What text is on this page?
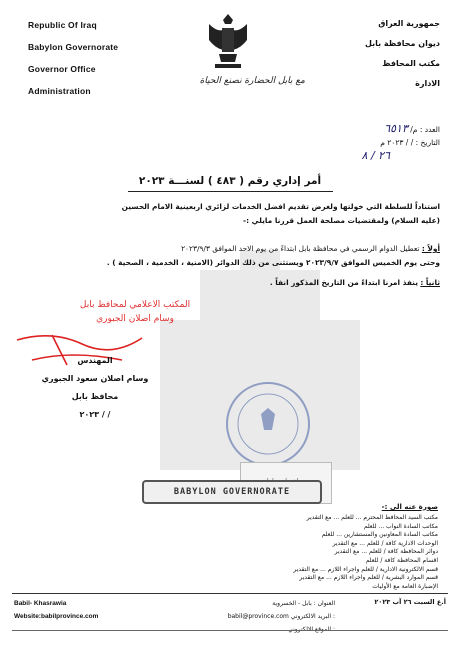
Republic Of Iraq
Babylon Governorate
Governor Office
Administration
جمهورية العراق
ديوان محافظة بابل
مكتب المحافظ
الادارة
مع بابل الحضارة نصنع الحياة
العدد : م/ ٦٥١٣
التاريخ : / / ٢٠٢٣ م
٢٦ / ٨
أمر إداري رقم ( ٤٨٣ ) لسنـــة ٢٠٢٣
استناداً للسلطة التي خولتها ولغرض تقديم افضل الخدمات لزائري اربعينية الامام الحسين
(عليه السلام) ولمقتضيات مصلحة العمل قررنا مايلي :-
أولاً : تعطيل الدوام الرسمي في محافظة بابل ابتداءً من يوم الاحد الموافق ٢٠٢٣/٩/٣
وحتى يوم الخميس الموافق ٢٠٢٣/٩/٧ ويستثنى من ذلك الدوائر (الامنية ، الخدمية ، الصحية ) .
ثانياً : ينفذ امرنا ابتداءً من التاريخ المذكور انفاً .
المكتب الاعلامي لمحافظ بابل
وسام اصلان الجبوري
المهندس
وسام اصلان سعود الجبوري
محافظ بابل
/ / ٢٠٢٣
BABYLON GOVERNORATE
صورة عنه الى :-
مكتب السيد المحافظ المحترم ... للعلم ... مع التقدير
مكاتب السادة النواب ... للعلم
مكاتب السادة المعاونين والمستشارين ... للعلم
الوحدات الادارية كافة / للعلم ... مع التقدير
دوائر المحافظة كافة / للعلم ... مع التقدير
اقسام المحافظة كافة / للعلم
قسم الالكترونية الادارية / للعلم واجراء اللازم ... مع التقدير
قسم الموارد البشرية / للعلم واجراء اللازم ... مع التقدير
الإضبارة العامة مع الأوليات
Babil- Khasrawia
Website:babilprovince.com
العنوان : بابل - الخسروية
: البريد الالكتروني babil@province.com
أ.ع السبت ٢٦ آب ٢٠٢٣
